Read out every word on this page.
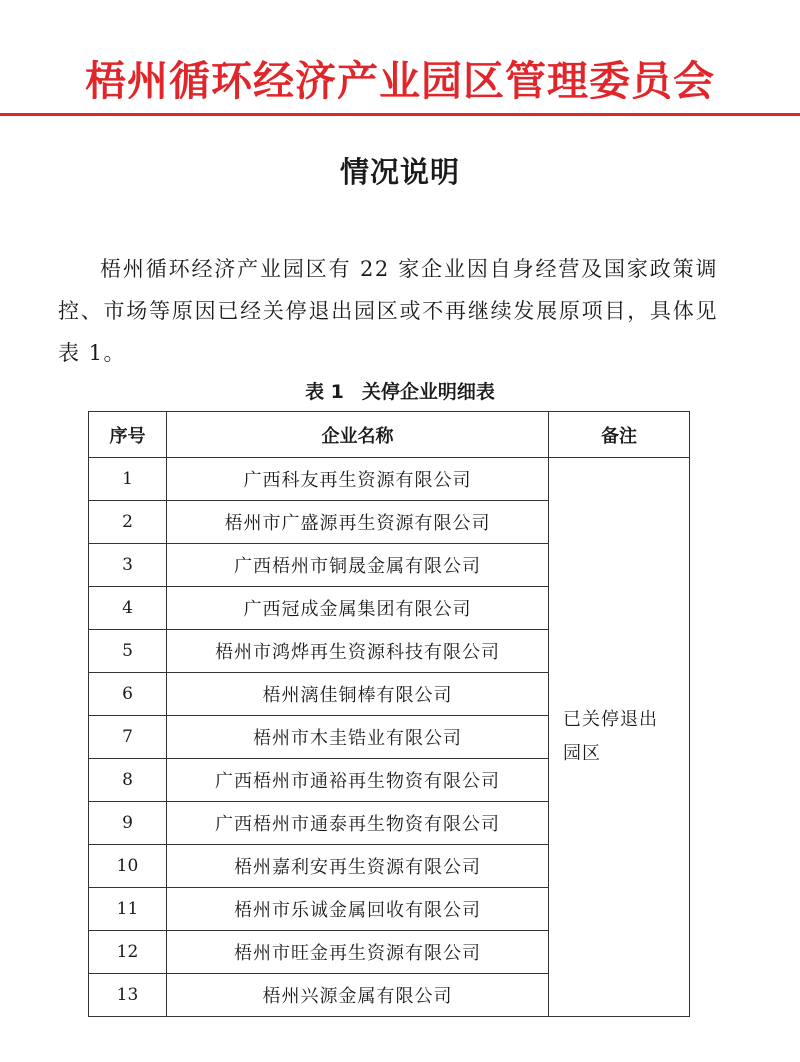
梧州循环经济产业园区管理委员会
情况说明
梧州循环经济产业园区有 22 家企业因自身经营及国家政策调控、市场等原因已经关停退出园区或不再继续发展原项目，具体见表 1。
表 1 关停企业明细表
序号	企业名称	备注
1	广西科友再生资源有限公司	已关停退出园区
2	梧州市广盛源再生资源有限公司	
3	广西梧州市铜晟金属有限公司	
4	广西冠成金属集团有限公司	
5	梧州市鸿烨再生资源科技有限公司	
6	梧州漓佳铜棒有限公司	
7	梧州市木圭锆业有限公司	
8	广西梧州市通裕再生物资有限公司	
9	广西梧州市通泰再生物资有限公司	
10	梧州嘉利安再生资源有限公司	
11	梧州市乐诚金属回收有限公司	
12	梧州市旺金再生资源有限公司	
13	梧州兴源金属有限公司	
